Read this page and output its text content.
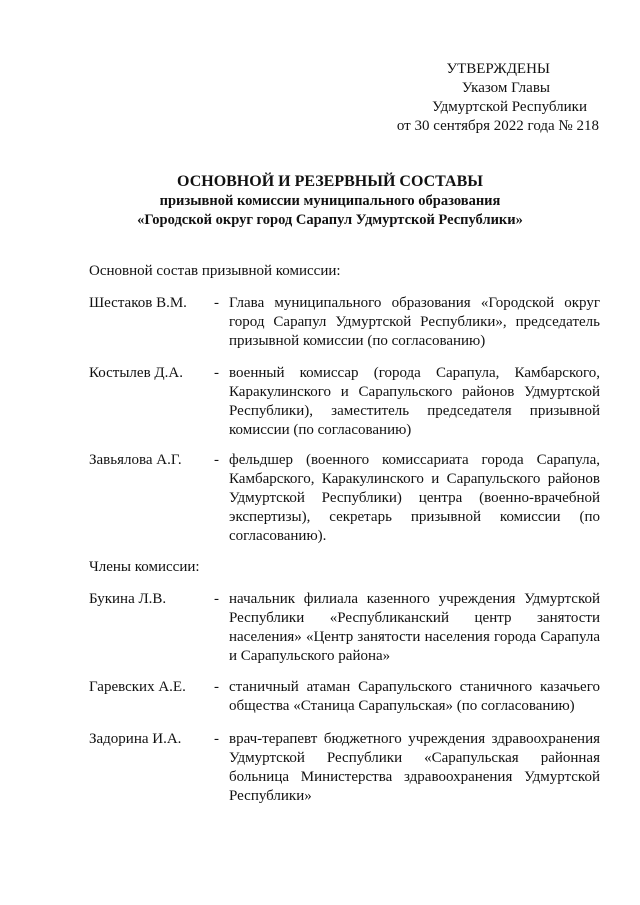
УТВЕРЖДЕНЫ
Указом Главы
Удмуртской Республики
от 30 сентября 2022 года № 218
ОСНОВНОЙ И РЕЗЕРВНЫЙ СОСТАВЫ
призывной комиссии муниципального образования
«Городской округ город Сарапул Удмуртской Республики»
Основной состав призывной комиссии:
Шестаков В.М. - Глава муниципального образования «Городской округ город Сарапул Удмуртской Республики», председатель призывной комиссии (по согласованию)
Костылев Д.А. - военный комиссар (города Сарапула, Камбарского, Каракулинского и Сарапульского районов Удмуртской Республики), заместитель председателя призывной комиссии (по согласованию)
Завьялова А.Г. - фельдшер (военного комиссариата города Сарапула, Камбарского, Каракулинского и Сарапульского районов Удмуртской Республики) центра (военно-врачебной экспертизы), секретарь призывной комиссии (по согласованию).
Члены комиссии:
Букина Л.В.	- начальник филиала казенного учреждения Удмуртской Республики «Республиканский центр занятости населения» «Центр занятости населения города Сарапула и Сарапульского района»
Гаревских А.Е. - станичный атаман Сарапульского станичного казачьего общества «Станица Сарапульская» (по согласованию)
Задорина И.А. - врач-терапевт бюджетного учреждения здравоохранения Удмуртской Республики «Сарапульская районная больница Министерства здравоохранения Удмуртской Республики»
